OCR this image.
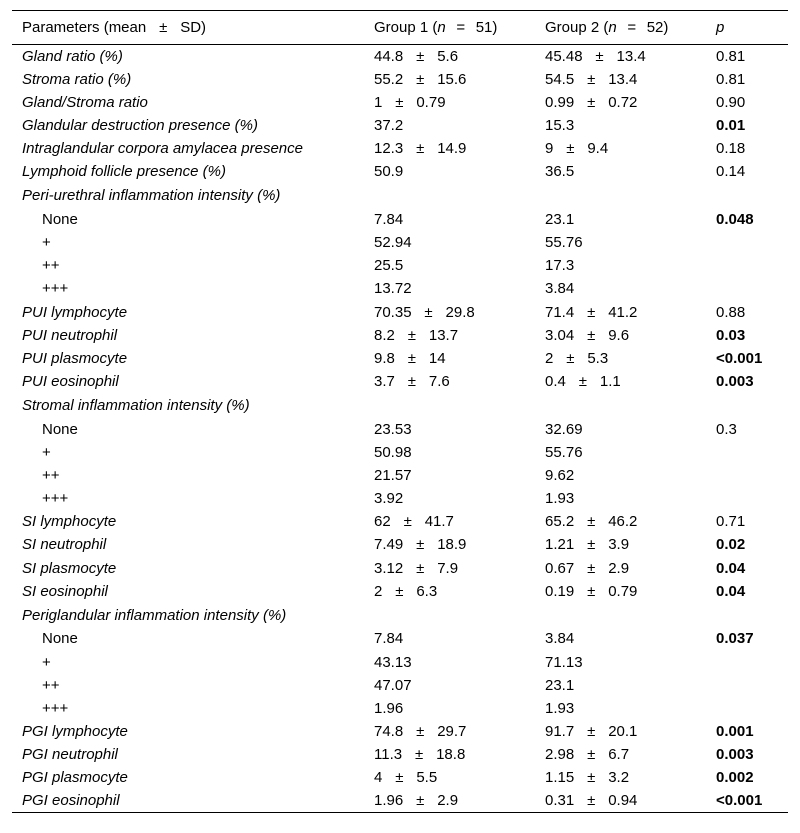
Parameters (mean ± SD)	Group 1 (n = 51)	Group 2 (n = 52)	p
Gland ratio (%)	44.8 ± 5.6	45.48 ± 13.4	0.81
Stroma ratio (%)	55.2 ± 15.6	54.5 ± 13.4	0.81
Gland/Stroma ratio	1 ± 0.79	0.99 ± 0.72	0.90
Glandular destruction presence (%)	37.2	15.3	0.01
Intraglandular corpora amylacea presence	12.3 ± 14.9	9 ± 9.4	0.18
Lymphoid follicle presence (%)	50.9	36.5	0.14
Peri-urethral inflammation intensity (%)			
None	7.84	23.1	0.048
+	52.94	55.76	
++	25.5	17.3	
+++	13.72	3.84	
PUI lymphocyte	70.35 ± 29.8	71.4 ± 41.2	0.88
PUI neutrophil	8.2 ± 13.7	3.04 ± 9.6	0.03
PUI plasmocyte	9.8 ± 14	2 ± 5.3	<0.001
PUI eosinophil	3.7 ± 7.6	0.4 ± 1.1	0.003
Stromal inflammation intensity (%)			
None	23.53	32.69	0.3
+	50.98	55.76	
++	21.57	9.62	
+++	3.92	1.93	
SI lymphocyte	62 ± 41.7	65.2 ± 46.2	0.71
SI neutrophil	7.49 ± 18.9	1.21 ± 3.9	0.02
SI plasmocyte	3.12 ± 7.9	0.67 ± 2.9	0.04
SI eosinophil	2 ± 6.3	0.19 ± 0.79	0.04
Periglandular inflammation intensity (%)			
None	7.84	3.84	0.037
+	43.13	71.13	
++	47.07	23.1	
+++	1.96	1.93	
PGI lymphocyte	74.8 ± 29.7	91.7 ± 20.1	0.001
PGI neutrophil	11.3 ± 18.8	2.98 ± 6.7	0.003
PGI plasmocyte	4 ± 5.5	1.15 ± 3.2	0.002
PGI eosinophil	1.96 ± 2.9	0.31 ± 0.94	<0.001
